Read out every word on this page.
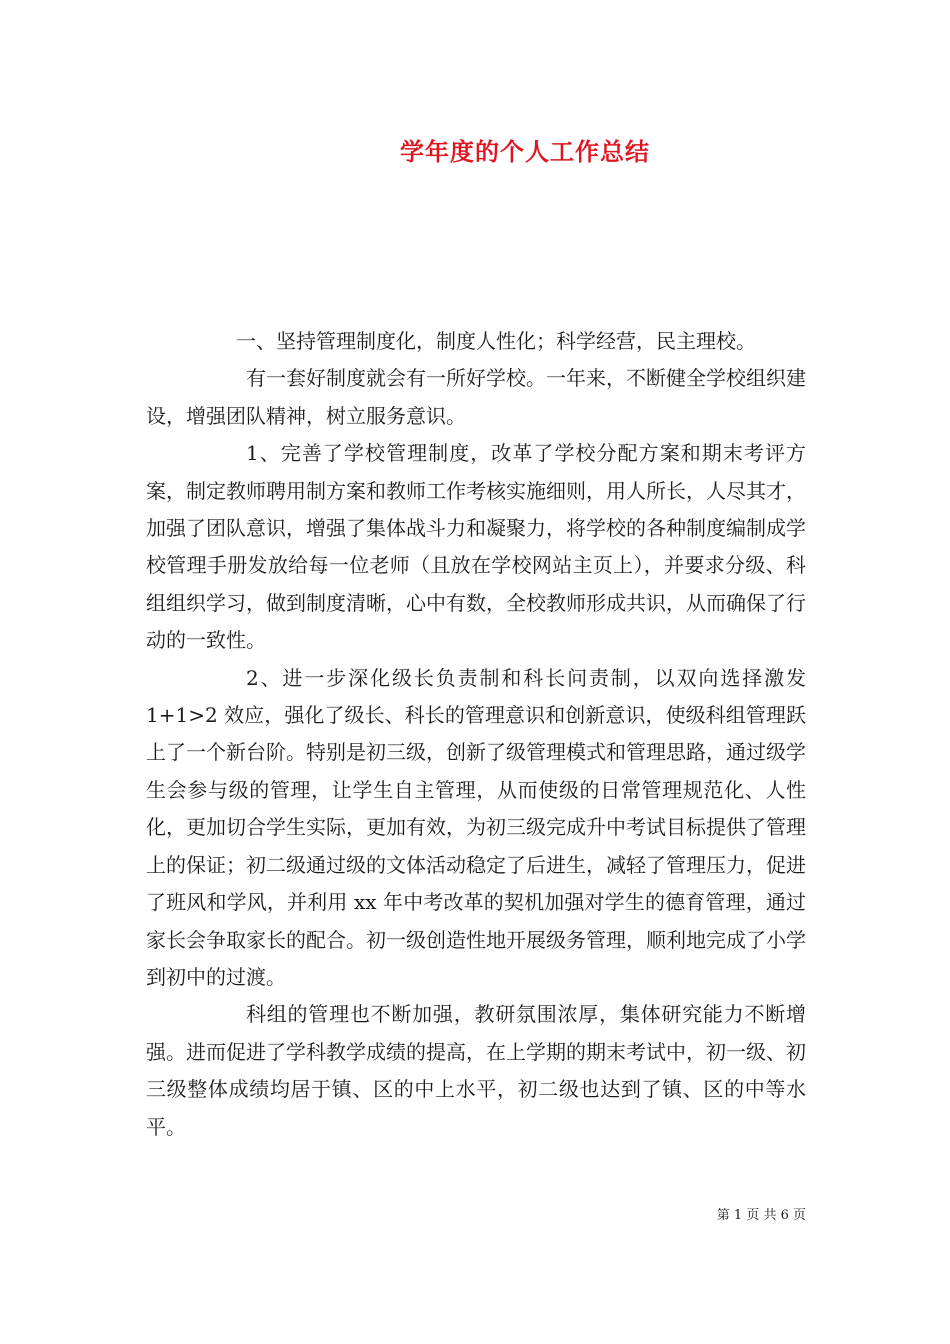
学年度的个人工作总结

一、坚持管理制度化，制度人性化；科学经营，民主理校。

有一套好制度就会有一所好学校。一年来，不断健全学校组织建设，增强团队精神，树立服务意识。

1、完善了学校管理制度，改革了学校分配方案和期末考评方案，制定教师聘用制方案和教师工作考核实施细则，用人所长，人尽其才，加强了团队意识，增强了集体战斗力和凝聚力，将学校的各种制度编制成学校管理手册发放给每一位老师（且放在学校网站主页上），并要求分级、科组组织学习，做到制度清晰，心中有数，全校教师形成共识，从而确保了行动的一致性。

2、进一步深化级长负责制和科长问责制，以双向选择激发 1+1>2 效应，强化了级长、科长的管理意识和创新意识，使级科组管理跃上了一个新台阶。特别是初三级，创新了级管理模式和管理思路，通过级学生会参与级的管理，让学生自主管理，从而使级的日常管理规范化、人性化，更加切合学生实际，更加有效，为初三级完成升中考试目标提供了管理上的保证；初二级通过级的文体活动稳定了后进生，减轻了管理压力，促进了班风和学风，并利用 xx 年中考改革的契机加强对学生的德育管理，通过家长会争取家长的配合。初一级创造性地开展级务管理，顺利地完成了小学到初中的过渡。

科组的管理也不断加强，教研氛围浓厚，集体研究能力不断增强。进而促进了学科教学成绩的提高，在上学期的期末考试中，初一级、初三级整体成绩均居于镇、区的中上水平，初二级也达到了镇、区的中等水平。

第 1 页 共 6 页
